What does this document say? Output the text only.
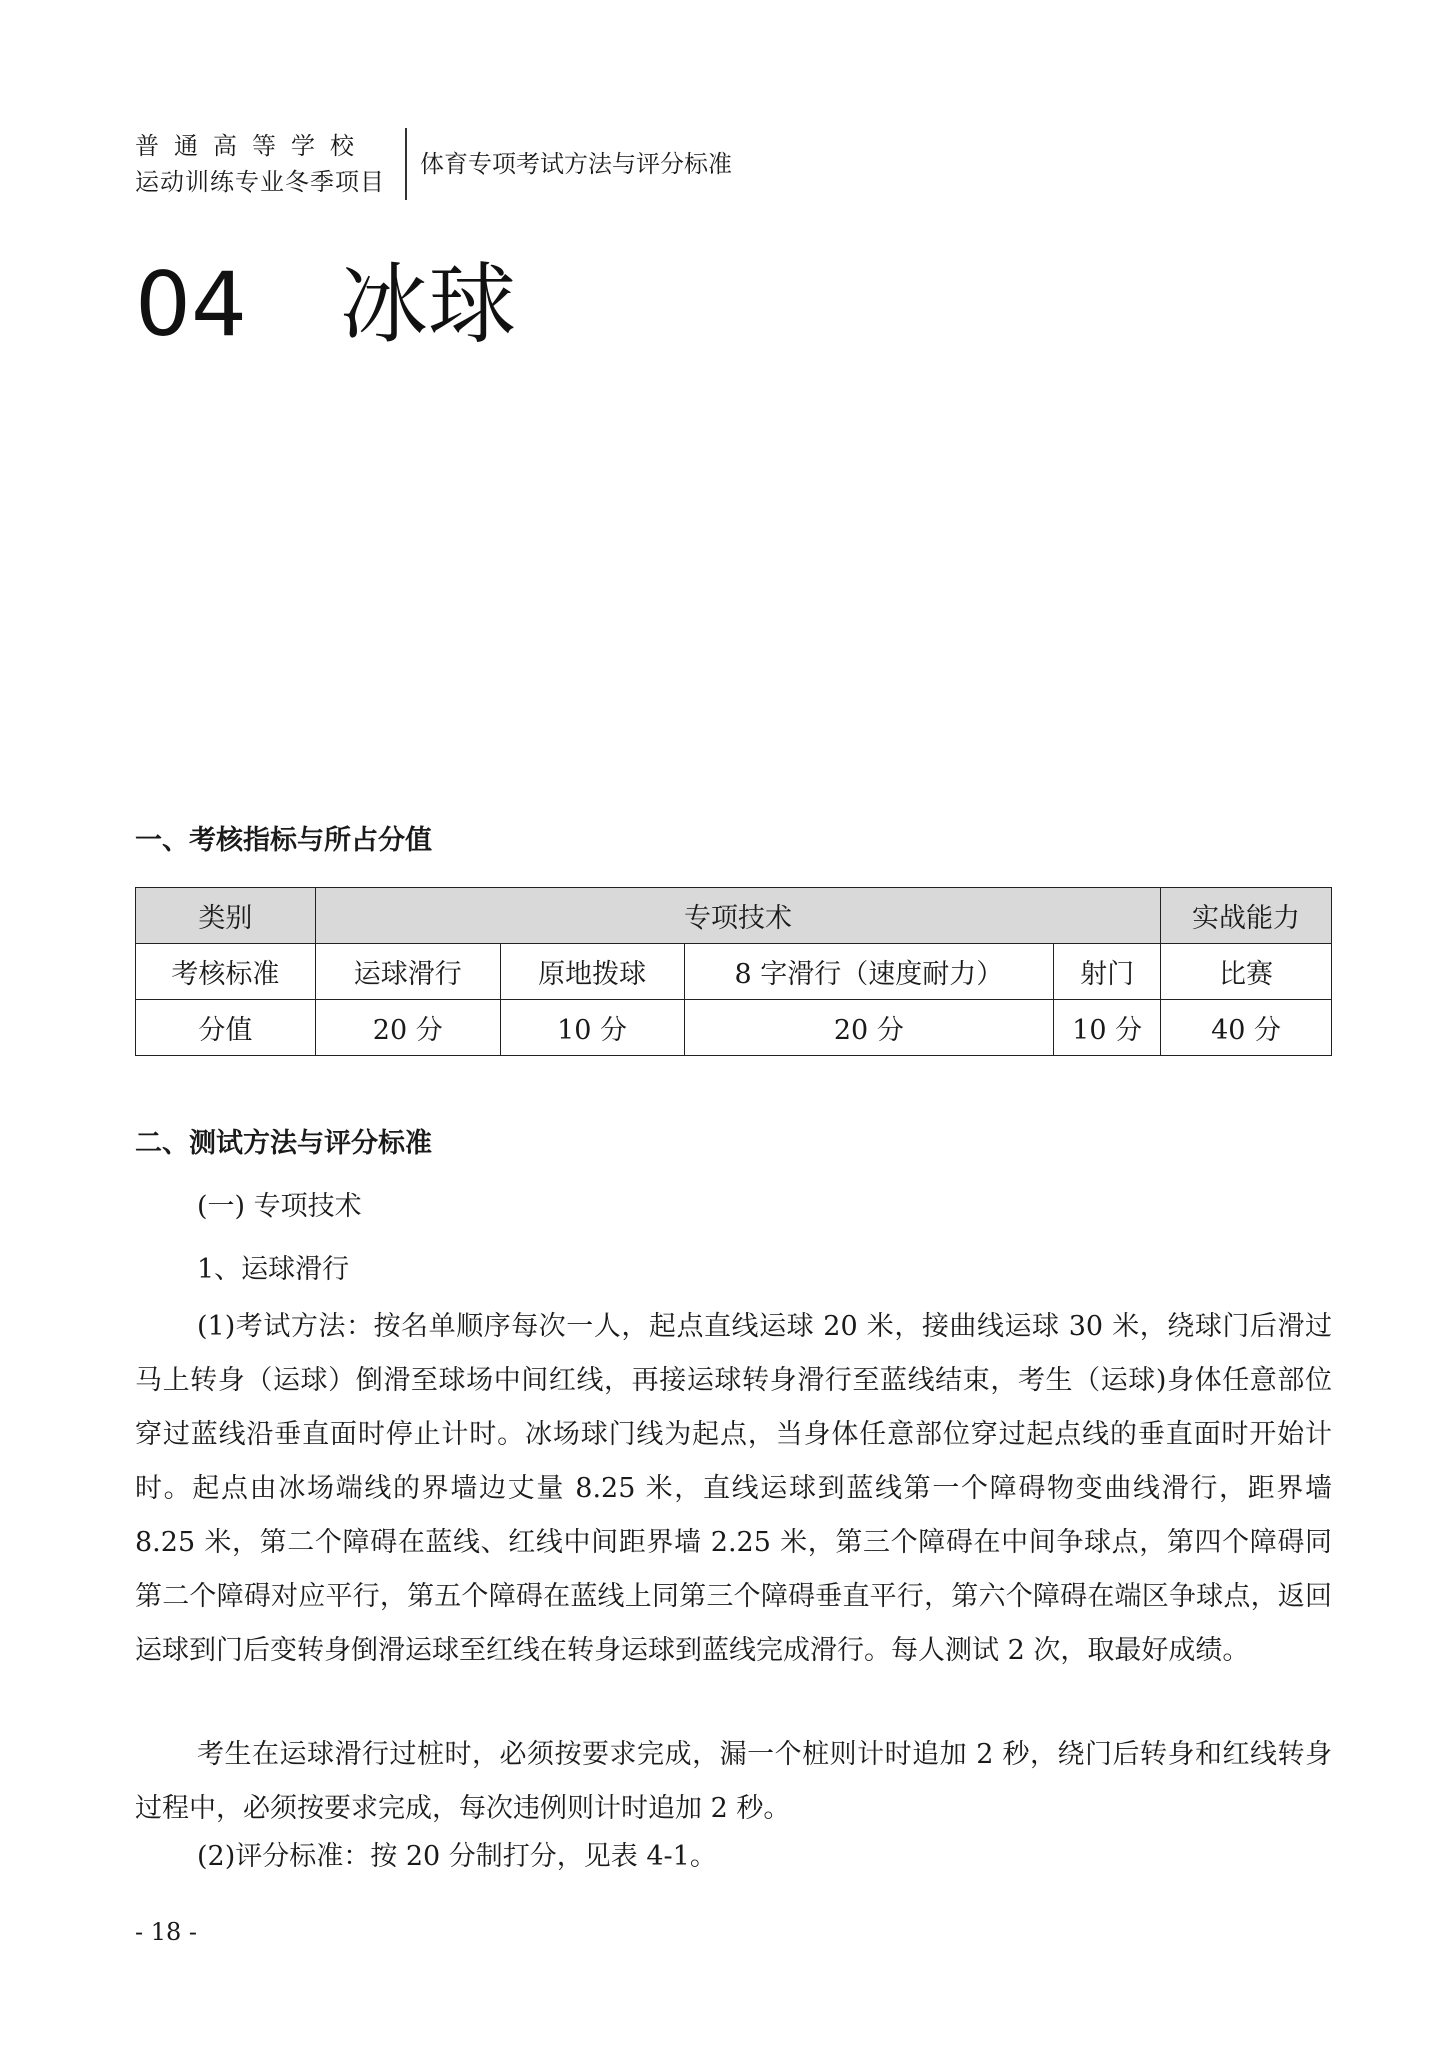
普通高等学校
运动训练专业冬季项目
体育专项考试方法与评分标准
04 冰球
一、考核指标与所占分值
类别	专项技术				实战能力
考核标准	运球滑行	原地拨球	8 字滑行（速度耐力）	射门	比赛
分值	20 分	10 分	20 分	10 分	40 分
二、测试方法与评分标准
(一) 专项技术
1、运球滑行
(1)考试方法：按名单顺序每次一人，起点直线运球 20 米，接曲线运球 30 米，绕球门后滑过马上转身（运球）倒滑至球场中间红线，再接运球转身滑行至蓝线结束，考生（运球)身体任意部位穿过蓝线沿垂直面时停止计时。冰场球门线为起点，当身体任意部位穿过起点线的垂直面时开始计时。起点由冰场端线的界墙边丈量 8.25 米，直线运球到蓝线第一个障碍物变曲线滑行，距界墙 8.25 米，第二个障碍在蓝线、红线中间距界墙 2.25 米，第三个障碍在中间争球点，第四个障碍同第二个障碍对应平行，第五个障碍在蓝线上同第三个障碍垂直平行，第六个障碍在端区争球点，返回运球到门后变转身倒滑运球至红线在转身运球到蓝线完成滑行。每人测试 2 次，取最好成绩。
考生在运球滑行过桩时，必须按要求完成，漏一个桩则计时追加 2 秒，绕门后转身和红线转身过程中，必须按要求完成，每次违例则计时追加 2 秒。
(2)评分标准：按 20 分制打分，见表 4-1。
- 18 -
